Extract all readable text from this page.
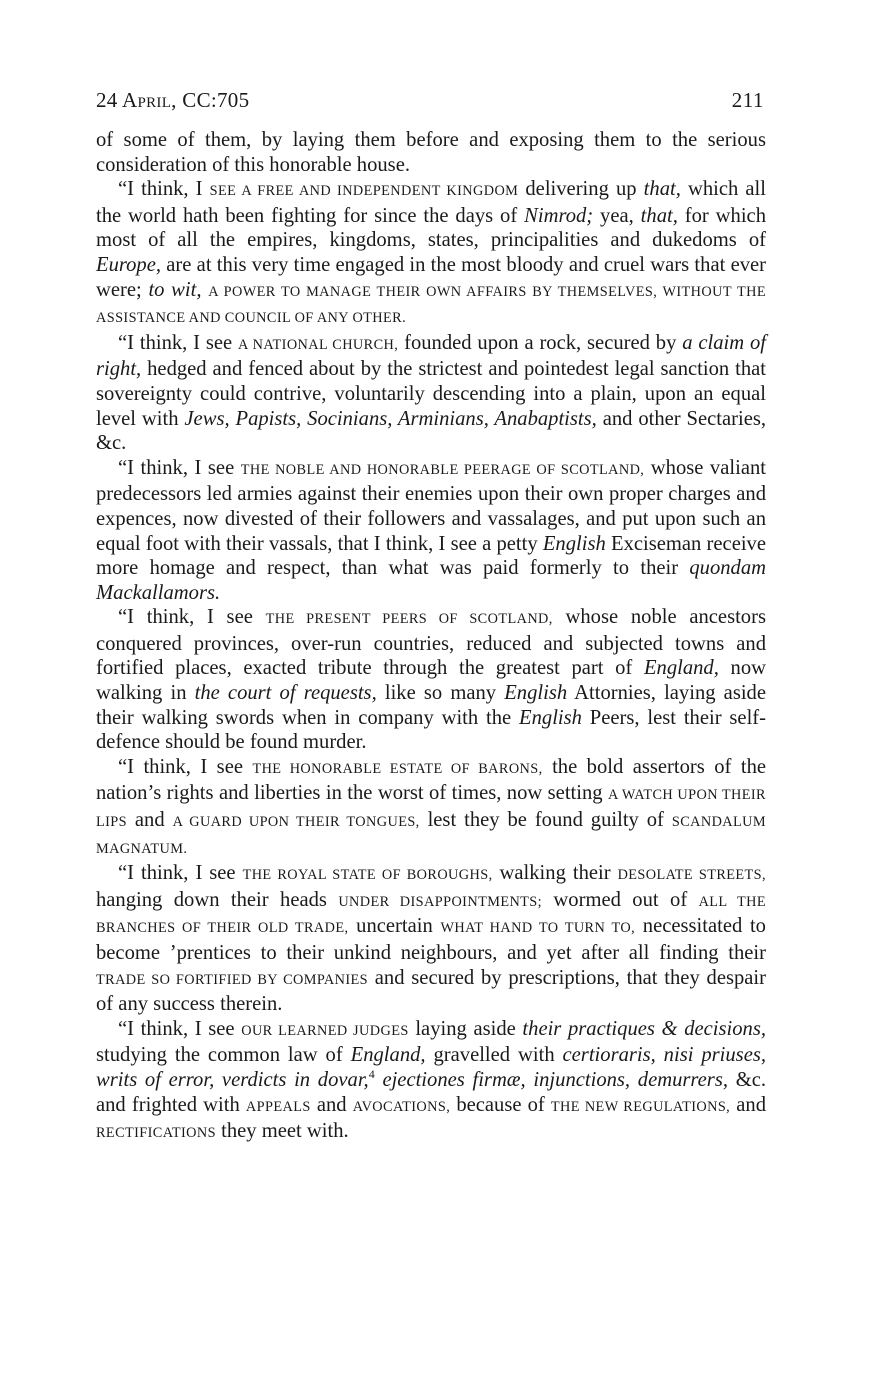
24 April, CC:705	211

of some of them, by laying them before and exposing them to the serious consideration of this honorable house.

“I think, I SEE A FREE AND INDEPENDENT KINGDOM delivering up that, which all the world hath been fighting for since the days of Nimrod; yea, that, for which most of all the empires, kingdoms, states, principalities and dukedoms of Europe, are at this very time engaged in the most bloody and cruel wars that ever were; to wit, A POWER TO MANAGE THEIR OWN AFFAIRS BY THEMSELVES, WITHOUT THE ASSISTANCE AND COUNCIL OF ANY OTHER.

“I think, I see A NATIONAL CHURCH, founded upon a rock, secured by a claim of right, hedged and fenced about by the strictest and pointedest legal sanction that sovereignty could contrive, voluntarily descending into a plain, upon an equal level with Jews, Papists, Socinians, Arminians, Anabaptists, and other Sectaries, &c.

“I think, I see THE NOBLE AND HONORABLE PEERAGE OF SCOTLAND, whose valiant predecessors led armies against their enemies upon their own proper charges and expences, now divested of their followers and vassalages, and put upon such an equal foot with their vassals, that I think, I see a petty English Exciseman receive more homage and respect, than what was paid formerly to their quondam Mackallamors.

“I think, I see THE PRESENT PEERS OF SCOTLAND, whose noble ancestors conquered provinces, over-run countries, reduced and subjected towns and fortified places, exacted tribute through the greatest part of England, now walking in the court of requests, like so many English Attornies, laying aside their walking swords when in company with the English Peers, lest their self-defence should be found murder.

“I think, I see THE HONORABLE ESTATE OF BARONS, the bold assertors of the nation’s rights and liberties in the worst of times, now setting A WATCH UPON THEIR LIPS and A GUARD UPON THEIR TONGUES, lest they be found guilty of SCANDALUM MAGNATUM.

“I think, I see THE ROYAL STATE OF BOROUGHS, walking their DESOLATE STREETS, hanging down their heads UNDER DISAPPOINTMENTS; wormed out of ALL THE BRANCHES OF THEIR OLD TRADE, uncertain WHAT HAND TO TURN TO, necessitated to become ’prentices to their unkind neighbours, and yet after all finding their TRADE SO FORTIFIED BY COMPANIES and secured by prescriptions, that they despair of any success therein.

“I think, I see OUR LEARNED JUDGES laying aside their practiques & decisions, studying the common law of England, gravelled with certioraris, nisi priuses, writs of error, verdicts in dovar,$^4$ ejectiones firmæ, injunctions, demurrers, &c. and frighted with APPEALS and AVOCATIONS, because of THE NEW REGULATIONS, and RECTIFICATIONS they meet with.
